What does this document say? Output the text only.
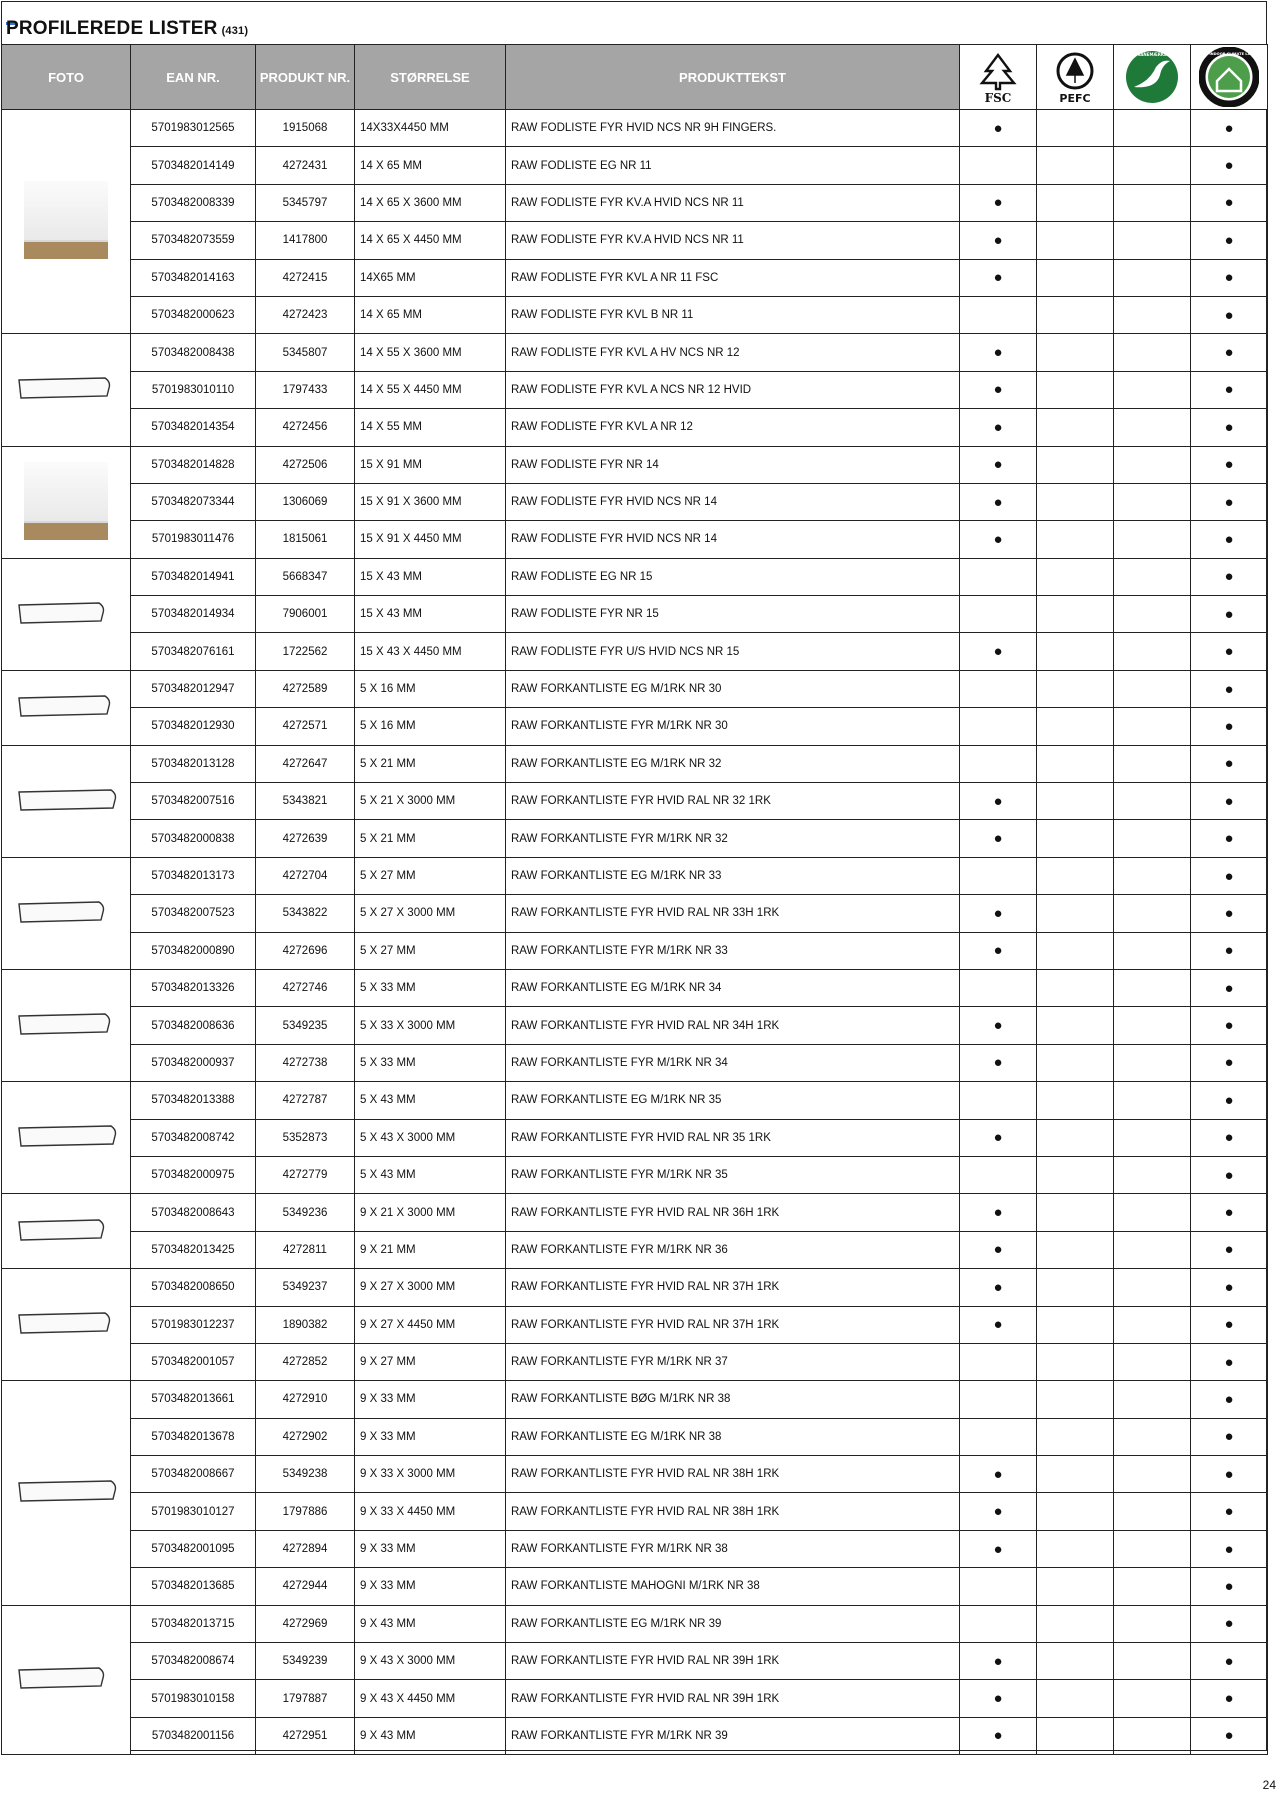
PROFILEREDE LISTER (431)
FOTO	EAN NR.	PRODUKT NR.	STØRRELSE	PRODUKTTEKST	FSC	PEFC	SVANEMÆRKET	THE INDOOR CLIMATE LABEL

	5701983012565	1915068	14X33X4450 MM	RAW FODLISTE FYR HVID NCS NR 9H FINGERS.	●			●
	5703482014149	4272431	14 X 65 MM	RAW FODLISTE EG NR 11				●
	5703482008339	5345797	14 X 65 X 3600 MM	RAW FODLISTE FYR KV.A HVID NCS NR 11	●			●
	5703482073559	1417800	14 X 65 X 4450 MM	RAW FODLISTE FYR KV.A HVID NCS NR 11	●			●
	5703482014163	4272415	14X65 MM	RAW FODLISTE FYR KVL A NR 11 FSC	●			●
	5703482000623	4272423	14 X 65 MM	RAW FODLISTE FYR KVL B NR 11				●
	5703482008438	5345807	14 X 55 X 3600 MM	RAW FODLISTE FYR KVL A HV NCS NR 12	●			●
	5701983010110	1797433	14 X 55 X 4450 MM	RAW FODLISTE FYR KVL A NCS NR 12 HVID	●			●
	5703482014354	4272456	14 X 55 MM	RAW FODLISTE FYR KVL A NR 12	●			●
	5703482014828	4272506	15 X 91 MM	RAW FODLISTE FYR NR 14	●			●
	5703482073344	1306069	15 X 91 X 3600 MM	RAW FODLISTE FYR HVID NCS NR 14	●			●
	5701983011476	1815061	15 X 91 X 4450 MM	RAW FODLISTE FYR HVID NCS NR 14	●			●
	5703482014941	5668347	15 X 43 MM	RAW FODLISTE EG NR 15				●
	5703482014934	7906001	15 X 43 MM	RAW FODLISTE FYR NR 15				●
	5703482076161	1722562	15 X 43 X 4450 MM	RAW FODLISTE FYR U/S HVID NCS NR 15	●			●
	5703482012947	4272589	5 X 16 MM	RAW FORKANTLISTE EG M/1RK NR 30				●
	5703482012930	4272571	5 X 16 MM	RAW FORKANTLISTE FYR M/1RK NR 30				●
	5703482013128	4272647	5 X 21 MM	RAW FORKANTLISTE EG M/1RK NR 32				●
	5703482007516	5343821	5 X 21 X 3000 MM	RAW FORKANTLISTE FYR HVID RAL NR 32 1RK	●			●
	5703482000838	4272639	5 X 21 MM	RAW FORKANTLISTE FYR M/1RK NR 32	●			●
	5703482013173	4272704	5 X 27 MM	RAW FORKANTLISTE EG M/1RK NR 33				●
	5703482007523	5343822	5 X 27 X 3000 MM	RAW FORKANTLISTE FYR HVID RAL NR 33H 1RK	●			●
	5703482000890	4272696	5 X 27 MM	RAW FORKANTLISTE FYR M/1RK NR 33	●			●
	5703482013326	4272746	5 X 33 MM	RAW FORKANTLISTE EG M/1RK NR 34				●
	5703482008636	5349235	5 X 33 X 3000 MM	RAW FORKANTLISTE FYR HVID RAL NR 34H 1RK	●			●
	5703482000937	4272738	5 X 33 MM	RAW FORKANTLISTE FYR M/1RK NR 34	●			●
	5703482013388	4272787	5 X 43 MM	RAW FORKANTLISTE EG M/1RK NR 35				●
	5703482008742	5352873	5 X 43 X 3000 MM	RAW FORKANTLISTE FYR HVID RAL NR 35 1RK	●			●
	5703482000975	4272779	5 X 43 MM	RAW FORKANTLISTE FYR M/1RK NR 35				●
	5703482008643	5349236	9 X 21 X 3000 MM	RAW FORKANTLISTE FYR HVID RAL NR 36H 1RK	●			●
	5703482013425	4272811	9 X 21 MM	RAW FORKANTLISTE FYR M/1RK NR 36	●			●
	5703482008650	5349237	9 X 27 X 3000 MM	RAW FORKANTLISTE FYR HVID RAL NR 37H 1RK	●			●
	5701983012237	1890382	9 X 27 X 4450 MM	RAW FORKANTLISTE FYR HVID RAL NR 37H 1RK	●			●
	5703482001057	4272852	9 X 27 MM	RAW FORKANTLISTE FYR M/1RK NR 37				●
	5703482013661	4272910	9 X 33 MM	RAW FORKANTLISTE BØG M/1RK NR 38				●
	5703482013678	4272902	9 X 33 MM	RAW FORKANTLISTE EG M/1RK NR 38				●
	5703482008667	5349238	9 X 33 X 3000 MM	RAW FORKANTLISTE FYR HVID RAL NR 38H 1RK	●			●
	5701983010127	1797886	9 X 33 X 4450 MM	RAW FORKANTLISTE FYR HVID RAL NR 38H 1RK	●			●
	5703482001095	4272894	9 X 33 MM	RAW FORKANTLISTE FYR M/1RK NR 38	●			●
	5703482013685	4272944	9 X 33 MM	RAW FORKANTLISTE MAHOGNI M/1RK NR 38				●
	5703482013715	4272969	9 X 43 MM	RAW FORKANTLISTE EG M/1RK NR 39				●
	5703482008674	5349239	9 X 43 X 3000 MM	RAW FORKANTLISTE FYR HVID RAL NR 39H 1RK	●			●
	5701983010158	1797887	9 X 43 X 4450 MM	RAW FORKANTLISTE FYR HVID RAL NR 39H 1RK	●			●
	5703482001156	4272951	9 X 43 MM	RAW FORKANTLISTE FYR M/1RK NR 39	●			●
24
